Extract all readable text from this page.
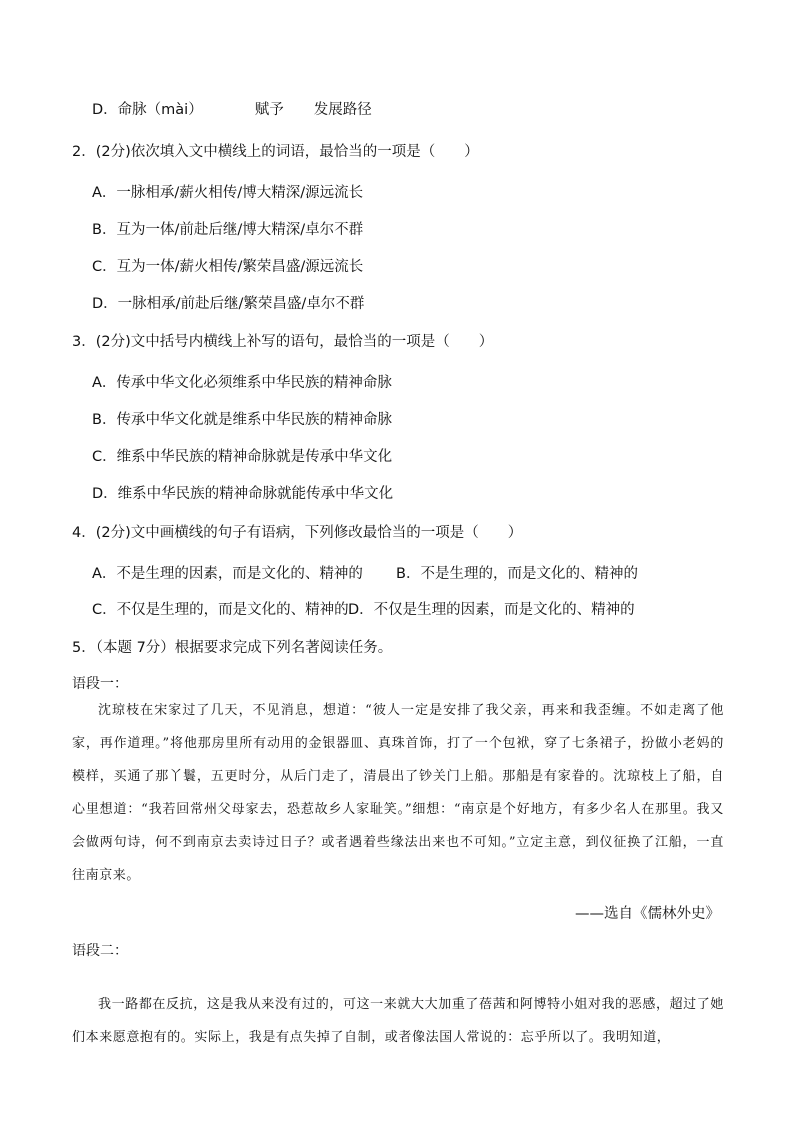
D．命脉（mài）	赋予 发展路径
2．(2分)依次填入文中横线上的词语，最恰当的一项是（　　）
A．一脉相承/薪火相传/博大精深/源远流长
B．互为一体/前赴后继/博大精深/卓尔不群
C．互为一体/薪火相传/繁荣昌盛/源远流长
D．一脉相承/前赴后继/繁荣昌盛/卓尔不群
3．(2分)文中括号内横线上补写的语句，最恰当的一项是（　　）
A．传承中华文化必须维系中华民族的精神命脉
B．传承中华文化就是维系中华民族的精神命脉
C．维系中华民族的精神命脉就是传承中华文化
D．维系中华民族的精神命脉就能传承中华文化
4．(2分)文中画横线的句子有语病，下列修改最恰当的一项是（　　）
A．不是生理的因素，而是文化的、精神的 B．不是生理的，而是文化的、精神的
C．不仅是生理的，而是文化的、精神的 D．不仅是生理的因素，而是文化的、精神的
5．（本题 7分）根据要求完成下列名著阅读任务。
语段一：
沈琼枝在宋家过了几天，不见消息，想道：“彼人一定是安排了我父亲，再来和我歪缠。不如走离了他家，再作道理。”将他那房里所有动用的金银器皿、真珠首饰，打了一个包袱，穿了七条裙子，扮做小老妈的模样，买通了那丫鬟，五更时分，从后门走了，清晨出了钞关门上船。那船是有家眷的。沈琼枝上了船，自心里想道：“我若回常州父母家去，恐惹故乡人家耻笑。”细想：“南京是个好地方，有多少名人在那里。我又会做两句诗，何不到南京去卖诗过日子？或者遇着些缘法出来也不可知。”立定主意，到仪征换了江船，一直往南京来。
——选自《儒林外史》
语段二：
我一路都在反抗，这是我从来没有过的，可这一来就大大加重了蓓茜和阿博特小姐对我的恶感，超过了她们本来愿意抱有的。实际上，我是有点失掉了自制，或者像法国人常说的：忘乎所以了。我明知道，
